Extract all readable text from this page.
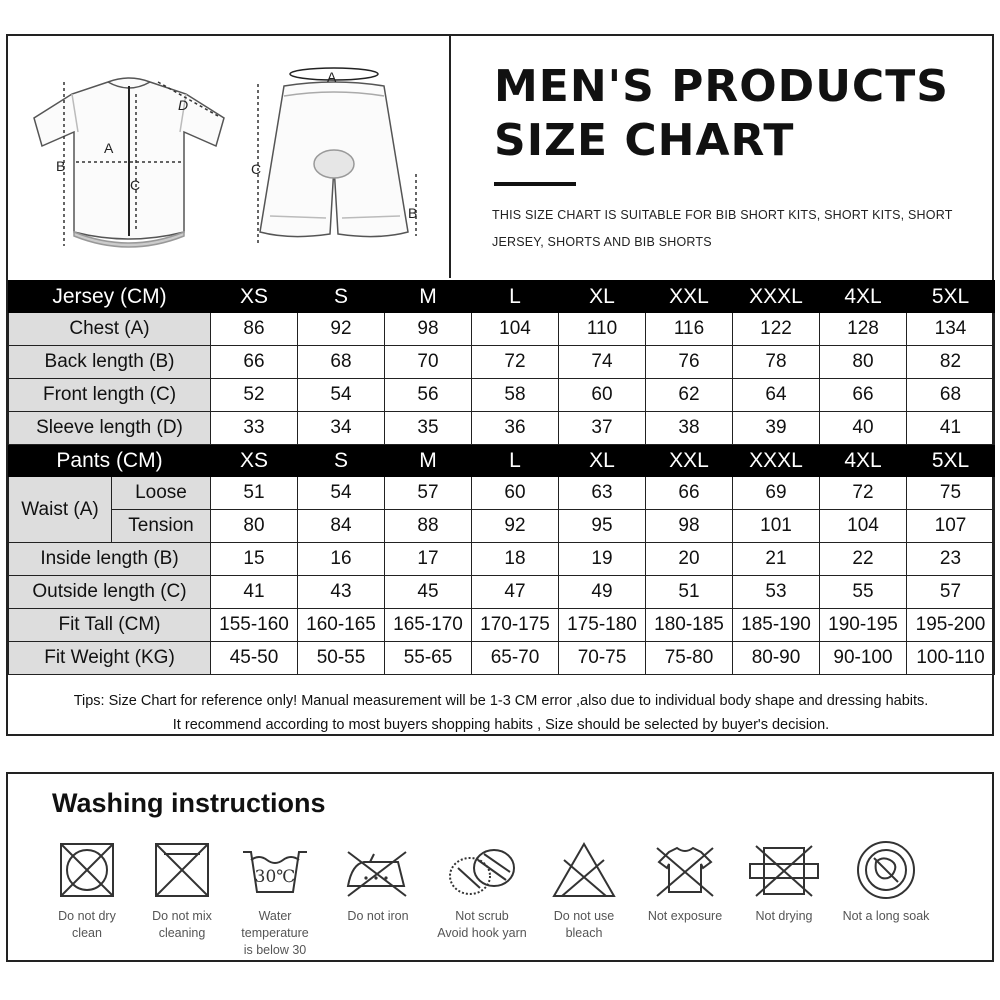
A
B
C
D
A
C
B
MEN'S PRODUCTS
SIZE CHART
THIS SIZE CHART IS SUITABLE FOR BIB SHORT KITS, SHORT KITS, SHORT JERSEY, SHORTS AND BIB SHORTS
Jersey (CM)		XS	S	M	L	XL	XXL	XXXL	4XL	5XL
Chest (A)		86	92	98	104	110	116	122	128	134
Back length (B)		66	68	70	72	74	76	78	80	82
Front length (C)		52	54	56	58	60	62	64	66	68
Sleeve length (D)		33	34	35	36	37	38	39	40	41
Pants (CM)		XS	S	M	L	XL	XXL	XXXL	4XL	5XL
Waist (A)	Loose	51	54	57	60	63	66	69	72	75
	Tension	80	84	88	92	95	98	101	104	107
Inside length (B)		15	16	17	18	19	20	21	22	23
Outside length (C)		41	43	45	47	49	51	53	55	57
Fit Tall (CM)		155-160	160-165	165-170	170-175	175-180	180-185	185-190	190-195	195-200
Fit Weight (KG)		45-50	50-55	55-65	65-70	70-75	75-80	80-90	90-100	100-110
Tips: Size Chart for reference only! Manual measurement will be 1-3 CM error ,also due to individual body shape and dressing habits.
It recommend according to most buyers shopping habits , Size should be selected by buyer's decision.
Washing instructions
Do not dry
clean
Do not mix
cleaning
30℃
Water temperature
is below 30
Do not iron	Not scrub
Avoid hook yarn
Do not use
bleach
Not exposure	Not drying	Not a long soak
